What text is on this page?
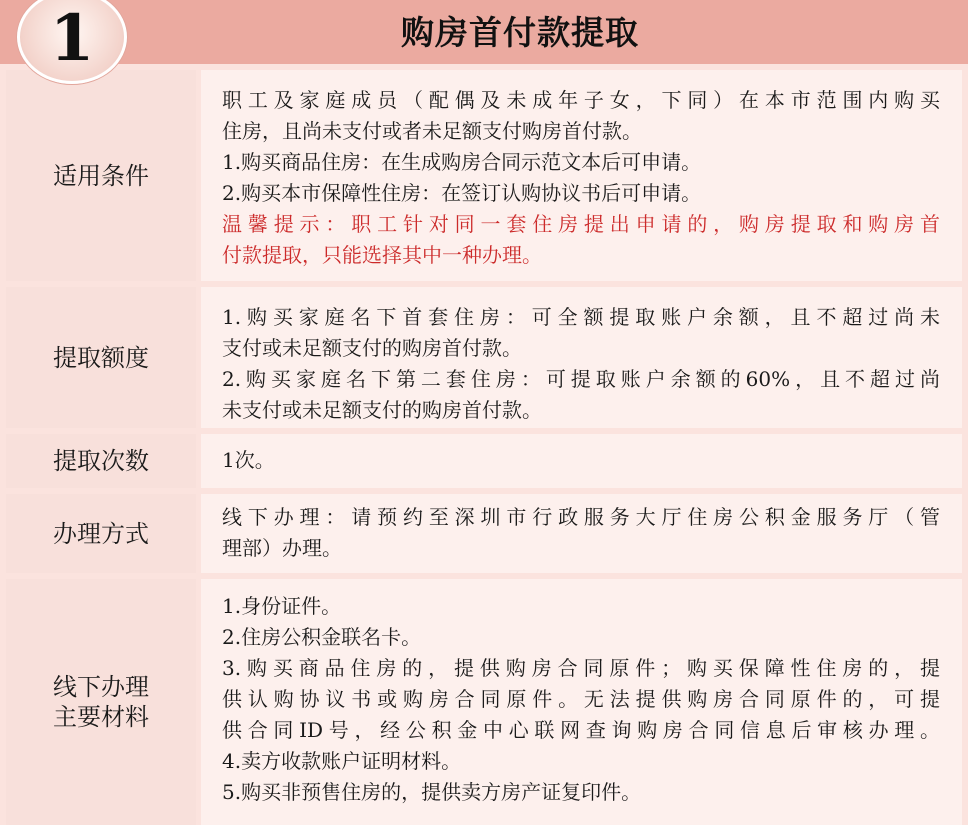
购房首付款提取
1
适用条件
职工及家庭成员（配偶及未成年子女，下同）在本市范围内购买
住房，且尚未支付或者未足额支付购房首付款。
1.购买商品住房：在生成购房合同示范文本后可申请。
2.购买本市保障性住房：在签订认购协议书后可申请。
温馨提示：职工针对同一套住房提出申请的，购房提取和购房首
付款提取，只能选择其中一种办理。
提取额度
1.购买家庭名下首套住房：可全额提取账户余额，且不超过尚未
支付或未足额支付的购房首付款。
2.购买家庭名下第二套住房：可提取账户余额的60%，且不超过尚
未支付或未足额支付的购房首付款。
提取次数	1次。
办理方式
线下办理：请预约至深圳市行政服务大厅住房公积金服务厅（管
理部）办理。
线下办理
主要材料
1.身份证件。
2.住房公积金联名卡。
3.购买商品住房的，提供购房合同原件；购买保障性住房的，提
供认购协议书或购房合同原件。无法提供购房合同原件的，可提
供合同ID号，经公积金中心联网查询购房合同信息后审核办理。
4.卖方收款账户证明材料。
5.购买非预售住房的，提供卖方房产证复印件。
